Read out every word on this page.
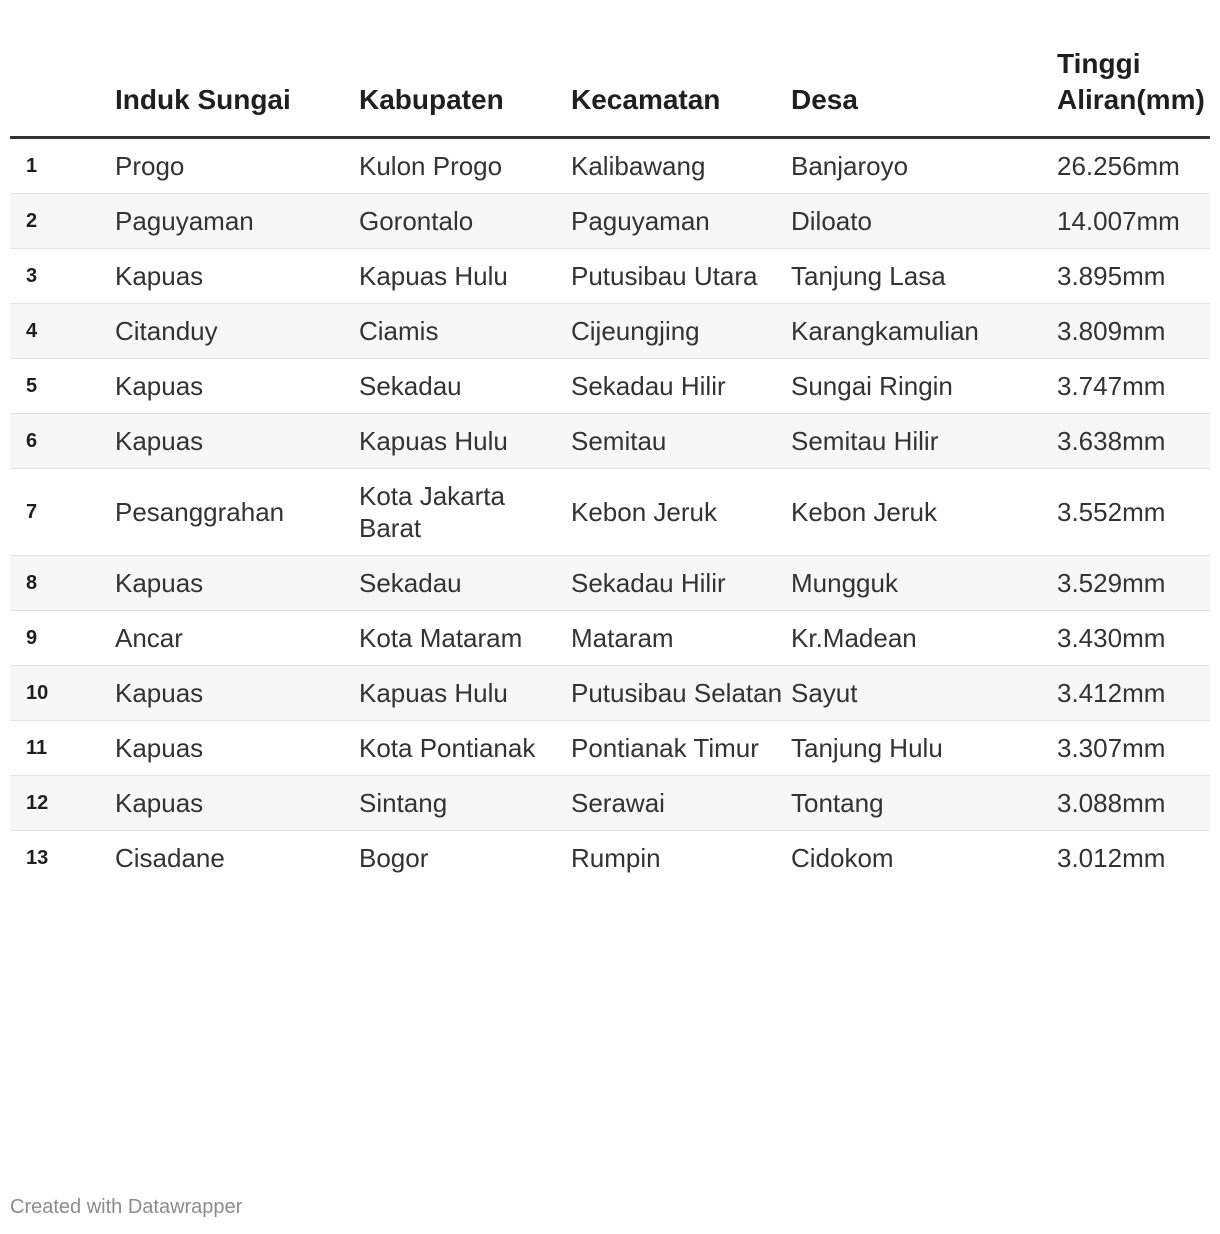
	Induk Sungai	Kabupaten	Kecamatan	Desa	Tinggi Aliran(mm)
1	Progo	Kulon Progo	Kalibawang	Banjaroyo	26.256mm
2	Paguyaman	Gorontalo	Paguyaman	Diloato	14.007mm
3	Kapuas	Kapuas Hulu	Putusibau Utara	Tanjung Lasa	3.895mm
4	Citanduy	Ciamis	Cijeungjing	Karangkamulian	3.809mm
5	Kapuas	Sekadau	Sekadau Hilir	Sungai Ringin	3.747mm
6	Kapuas	Kapuas Hulu	Semitau	Semitau Hilir	3.638mm
7	Pesanggrahan	Kota Jakarta Barat	Kebon Jeruk	Kebon Jeruk	3.552mm
8	Kapuas	Sekadau	Sekadau Hilir	Mungguk	3.529mm
9	Ancar	Kota Mataram	Mataram	Kr.Madean	3.430mm
10	Kapuas	Kapuas Hulu	Putusibau Selatan	Sayut	3.412mm
11	Kapuas	Kota Pontianak	Pontianak Timur	Tanjung Hulu	3.307mm
12	Kapuas	Sintang	Serawai	Tontang	3.088mm
13	Cisadane	Bogor	Rumpin	Cidokom	3.012mm
Created with Datawrapper
